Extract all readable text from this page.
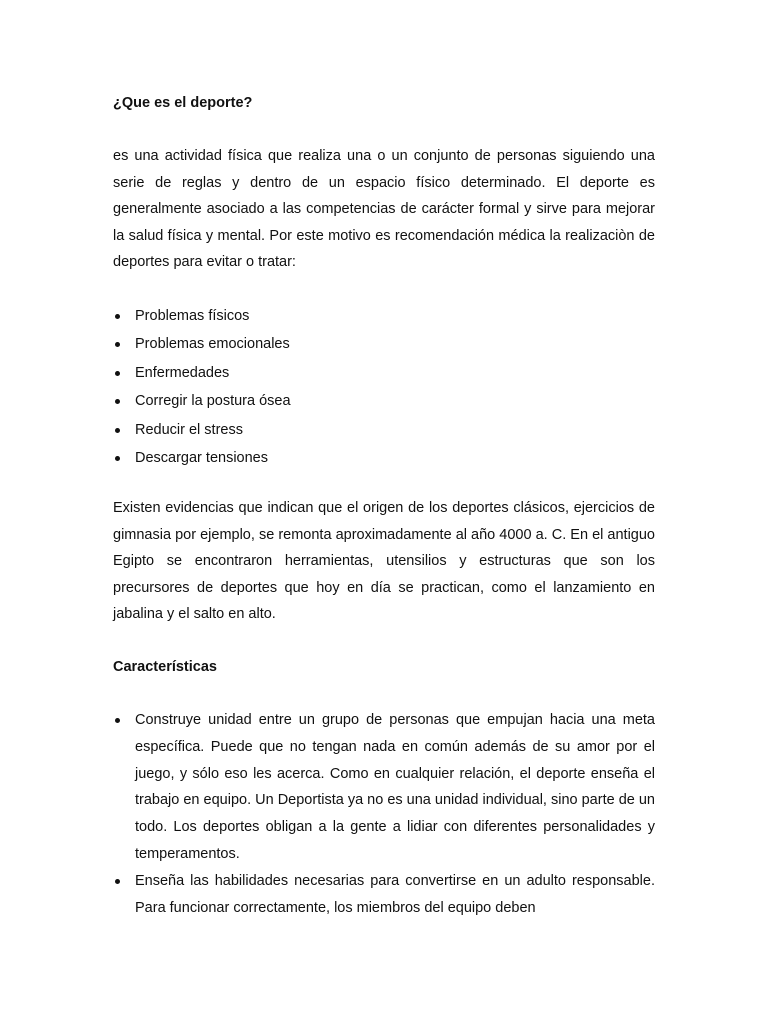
¿Que es el deporte?

es una actividad física que realiza una o un conjunto de personas siguiendo una serie de reglas y dentro de un espacio físico determinado. El deporte es generalmente asociado a las competencias de carácter formal y sirve para mejorar la salud física y mental. Por este motivo es recomendación médica la realizaciòn de deportes para evitar o tratar:

Problemas físicos
Problemas emocionales
Enfermedades
Corregir la postura ósea
Reducir el stress
Descargar tensiones

Existen evidencias que indican que el origen de los deportes clásicos, ejercicios de gimnasia por ejemplo, se remonta aproximadamente al año 4000 a. C. En el antiguo Egipto se encontraron herramientas, utensilios y estructuras que son los precursores de deportes que hoy en día se practican, como el lanzamiento en jabalina y el salto en alto.

Características

Construye unidad entre un grupo de personas que empujan hacia una meta específica. Puede que no tengan nada en común además de su amor por el juego, y sólo eso les acerca. Como en cualquier relación, el deporte enseña el trabajo en equipo. Un Deportista ya no es una unidad individual, sino parte de un todo. Los deportes obligan a la gente a lidiar con diferentes personalidades y temperamentos.
Enseña las habilidades necesarias para convertirse en un adulto responsable. Para funcionar correctamente, los miembros del equipo deben
